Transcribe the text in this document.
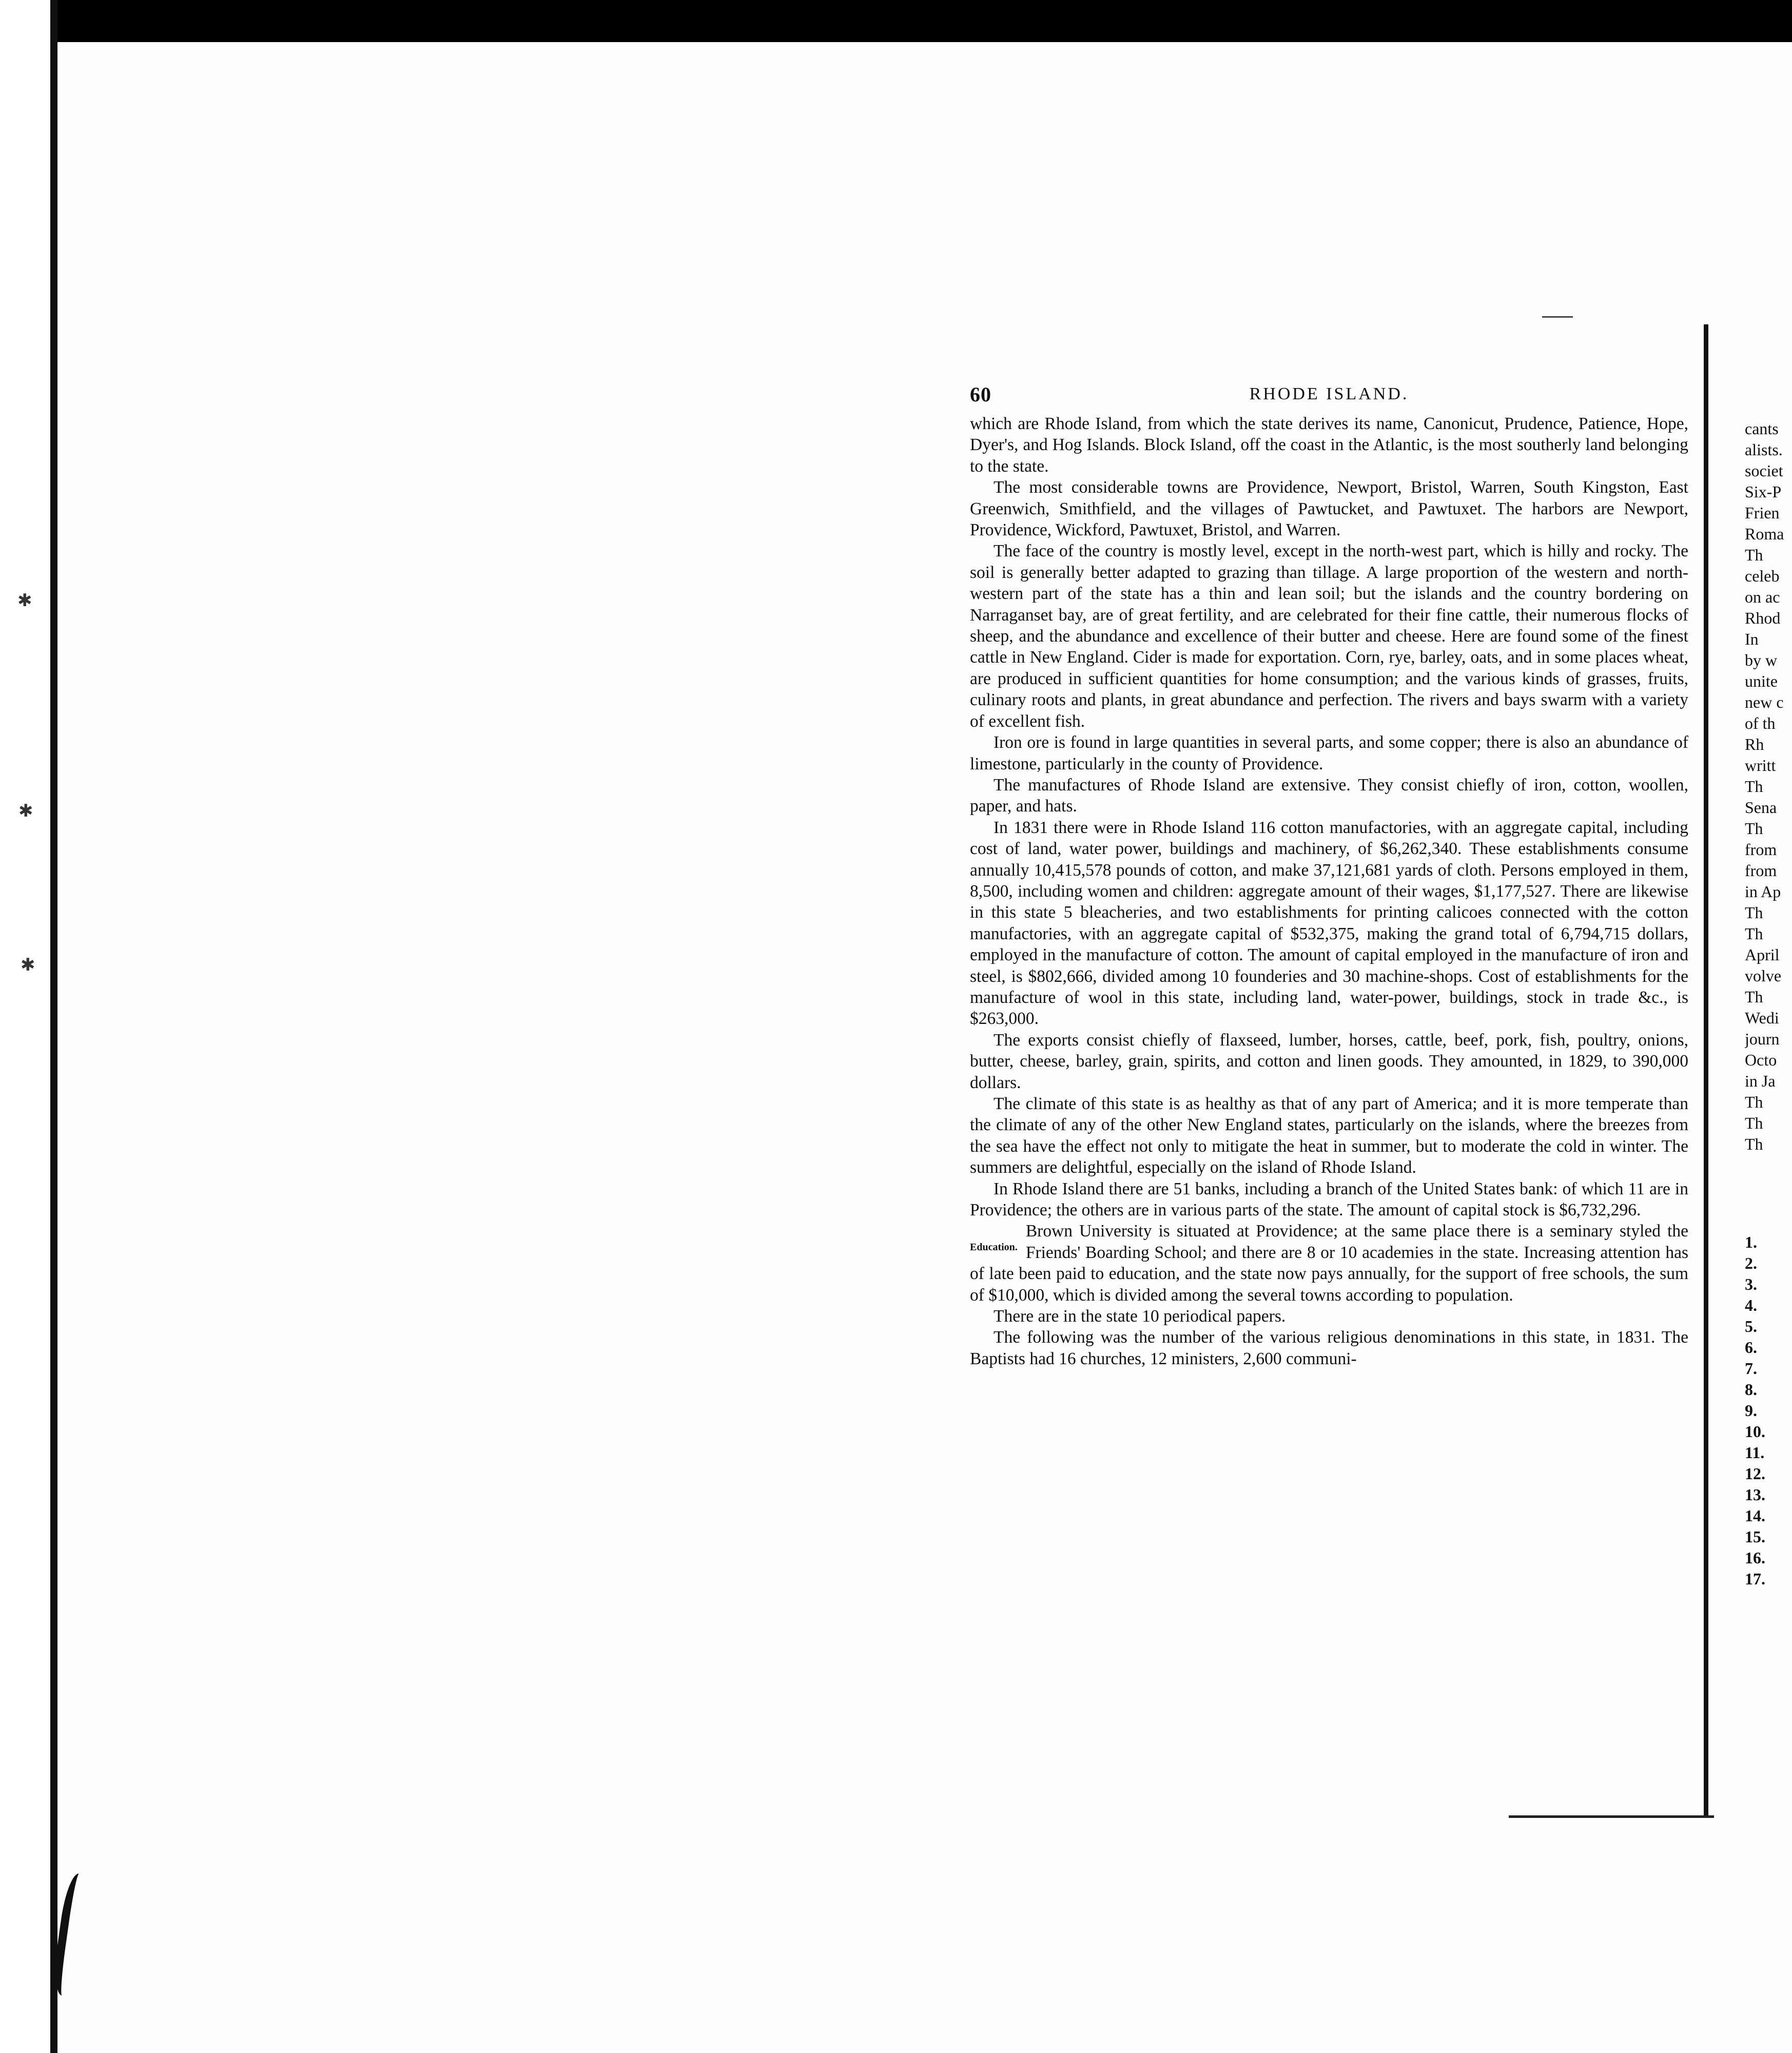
✱
✱
✱
60	RHODE ISLAND.

which are Rhode Island, from which the state derives its name, Canonicut, Prudence, Patience, Hope, Dyer's, and Hog Islands. Block Island, off the coast in the Atlantic, is the most southerly land belonging to the state.

The most considerable towns are Providence, Newport, Bristol, Warren, South Kingston, East Greenwich, Smithfield, and the villages of Pawtucket, and Pawtuxet. The harbors are Newport, Providence, Wickford, Pawtuxet, Bristol, and Warren.

The face of the country is mostly level, except in the north-west part, which is hilly and rocky. The soil is generally better adapted to grazing than tillage. A large proportion of the western and north-western part of the state has a thin and lean soil; but the islands and the country bordering on Narraganset bay, are of great fertility, and are celebrated for their fine cattle, their numerous flocks of sheep, and the abundance and excellence of their butter and cheese. Here are found some of the finest cattle in New England. Cider is made for exportation. Corn, rye, barley, oats, and in some places wheat, are produced in sufficient quantities for home consumption; and the various kinds of grasses, fruits, culinary roots and plants, in great abundance and perfection. The rivers and bays swarm with a variety of excellent fish.

Iron ore is found in large quantities in several parts, and some copper; there is also an abundance of limestone, particularly in the county of Providence.

The manufactures of Rhode Island are extensive. They consist chiefly of iron, cotton, woollen, paper, and hats.

In 1831 there were in Rhode Island 116 cotton manufactories, with an aggregate capital, including cost of land, water power, buildings and machinery, of $6,262,340. These establishments consume annually 10,415,578 pounds of cotton, and make 37,121,681 yards of cloth. Persons employed in them, 8,500, including women and children: aggregate amount of their wages, $1,177,527. There are likewise in this state 5 bleacheries, and two establishments for printing calicoes connected with the cotton manufactories, with an aggregate capital of $532,375, making the grand total of 6,794,715 dollars, employed in the manufacture of cotton. The amount of capital employed in the manufacture of iron and steel, is $802,666, divided among 10 founderies and 30 machine-shops. Cost of establishments for the manufacture of wool in this state, including land, water-power, buildings, stock in trade &c., is $263,000.

The exports consist chiefly of flaxseed, lumber, horses, cattle, beef, pork, fish, poultry, onions, butter, cheese, barley, grain, spirits, and cotton and linen goods. They amounted, in 1829, to 390,000 dollars.

The climate of this state is as healthy as that of any part of America; and it is more temperate than the climate of any of the other New England states, particularly on the islands, where the breezes from the sea have the effect not only to mitigate the heat in summer, but to moderate the cold in winter. The summers are delightful, especially on the island of Rhode Island.

In Rhode Island there are 51 banks, including a branch of the United States bank: of which 11 are in Providence; the others are in various parts of the state. The amount of capital stock is $6,732,296.

Education.
Brown University is situated at Providence; at the same place there is a seminary styled the Friends' Boarding School; and there are 8 or 10 academies in the state. Increasing attention has of late been paid to education, and the state now pays annually, for the support of free schools, the sum of $10,000, which is divided among the several towns according to population.

There are in the state 10 periodical papers.

The following was the number of the various religious denominations in this state, in 1831. The Baptists had 16 churches, 12 ministers, 2,600 communi-

cants
alists.
societ
Six-P
Frien
Roma
Th
celeb
on ac
Rhod
In
by w
unite
new c
of th
Rh
writt
Th
Sena
Th
from
from
in Ap
Th
Th
April
volve
Th
Wedi
journ
Octo
in Ja
Th
Th
Th
1.
2.
3.
4.
5.
6.
7.
8.
9.
10.
11.
12.
13.
14.
15.
16.
17.
